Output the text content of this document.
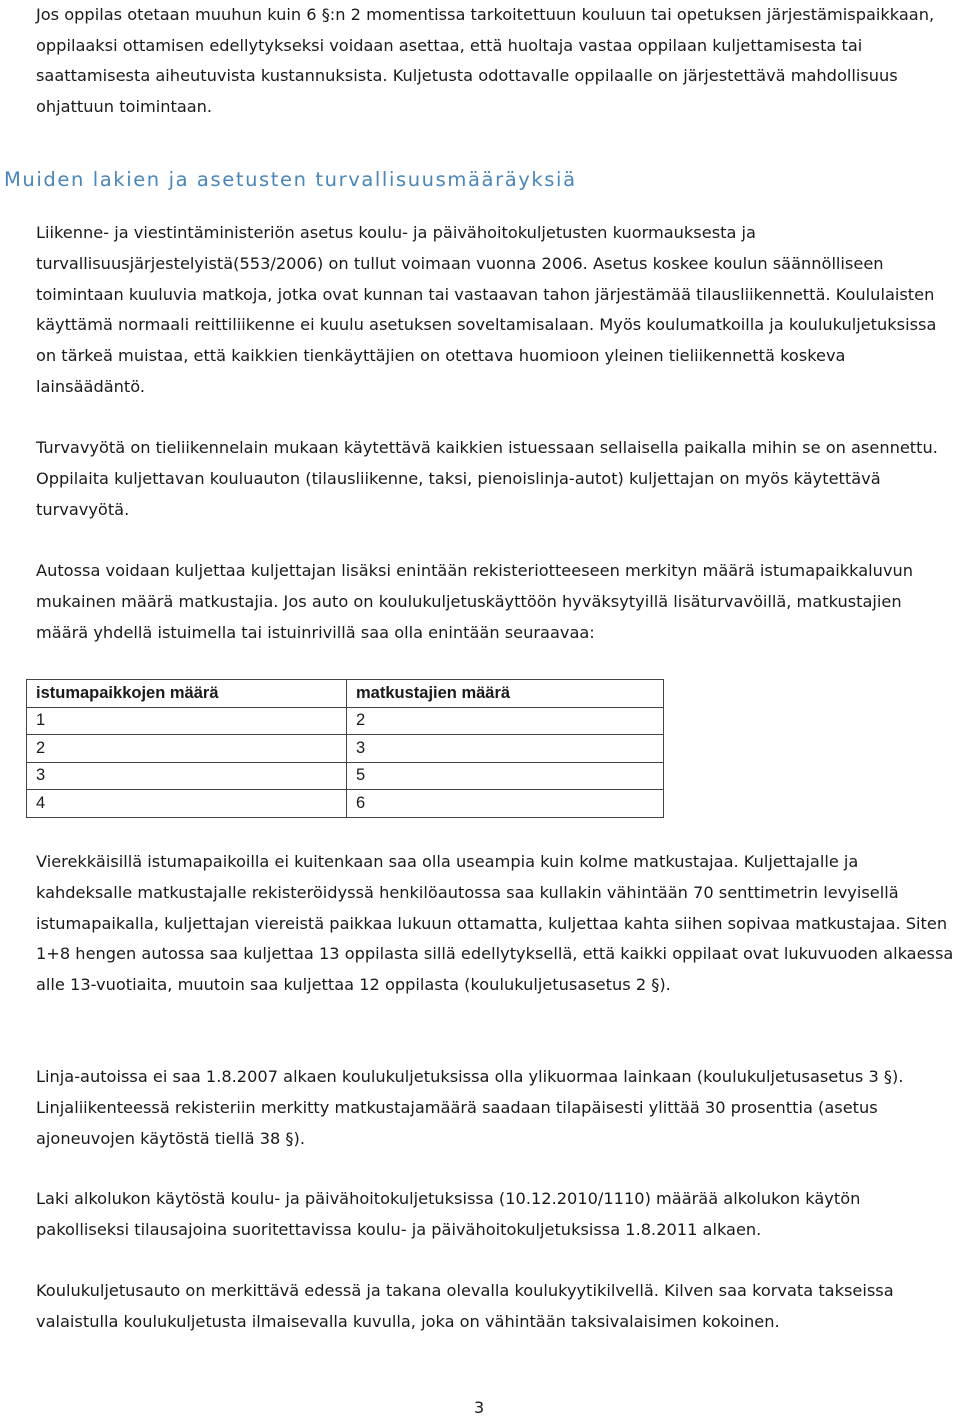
Jos oppilas otetaan muuhun kuin 6 §:n 2 momentissa tarkoitettuun kouluun tai opetuksen järjestämispaikkaan, oppilaaksi ottamisen edellytykseksi voidaan asettaa, että huoltaja vastaa oppilaan kuljettamisesta tai saattamisesta aiheutuvista kustannuksista. Kuljetusta odottavalle oppilaalle on järjestettävä mahdollisuus ohjattuun toimintaan.

Muiden lakien ja asetusten turvallisuusmääräyksiä

Liikenne- ja viestintäministeriön asetus koulu- ja päivähoitokuljetusten kuormauksesta ja turvallisuusjärjestelyistä(553/2006) on tullut voimaan vuonna 2006. Asetus koskee koulun säännölliseen toimintaan kuuluvia matkoja, jotka ovat kunnan tai vastaavan tahon järjestämää tilausliikennettä. Koululaisten käyttämä normaali reittiliikenne ei kuulu asetuksen soveltamisalaan. Myös koulumatkoilla ja koulukuljetuksissa on tärkeä muistaa, että kaikkien tienkäyttäjien on otettava huomioon yleinen tieliikennettä koskeva lainsäädäntö.

Turvavyötä on tieliikennelain mukaan käytettävä kaikkien istuessaan sellaisella paikalla mihin se on asennettu. Oppilaita kuljettavan kouluauton (tilausliikenne, taksi, pienoislinja-autot) kuljettajan on myös käytettävä turvavyötä.

Autossa voidaan kuljettaa kuljettajan lisäksi enintään rekisteriotteeseen merkityn määrä istumapaikkaluvun mukainen määrä matkustajia. Jos auto on koulukuljetuskäyttöön hyväksytyillä lisäturvavöillä, matkustajien määrä yhdellä istuimella tai istuinrivillä saa olla enintään seuraavaa:

istumapaikkojen määrä	matkustajien määrä
1	2
2	3
3	5
4	6

Vierekkäisillä istumapaikoilla ei kuitenkaan saa olla useampia kuin kolme matkustajaa. Kuljettajalle ja kahdeksalle matkustajalle rekisteröidyssä henkilöautossa saa kullakin vähintään 70 senttimetrin levyisellä istumapaikalla, kuljettajan viereistä paikkaa lukuun ottamatta, kuljettaa kahta siihen sopivaa matkustajaa. Siten 1+8 hengen autossa saa kuljettaa 13 oppilasta sillä edellytyksellä, että kaikki oppilaat ovat lukuvuoden alkaessa alle 13-vuotiaita, muutoin saa kuljettaa 12 oppilasta (koulukuljetusasetus 2 §).

Linja-autoissa ei saa 1.8.2007 alkaen koulukuljetuksissa olla ylikuormaa lainkaan (koulukuljetusasetus 3 §). Linjaliikenteessä rekisteriin merkitty matkustajamäärä saadaan tilapäisesti ylittää 30 prosenttia (asetus ajoneuvojen käytöstä tiellä 38 §).

Laki alkolukon käytöstä koulu- ja päivähoitokuljetuksissa (10.12.2010/1110) määrää alkolukon käytön pakolliseksi tilausajoina suoritettavissa koulu- ja päivähoitokuljetuksissa 1.8.2011 alkaen.

Koulukuljetusauto on merkittävä edessä ja takana olevalla koulukyytikilvellä. Kilven saa korvata takseissa valaistulla koulukuljetusta ilmaisevalla kuvulla, joka on vähintään taksivalaisimen kokoinen.

3
